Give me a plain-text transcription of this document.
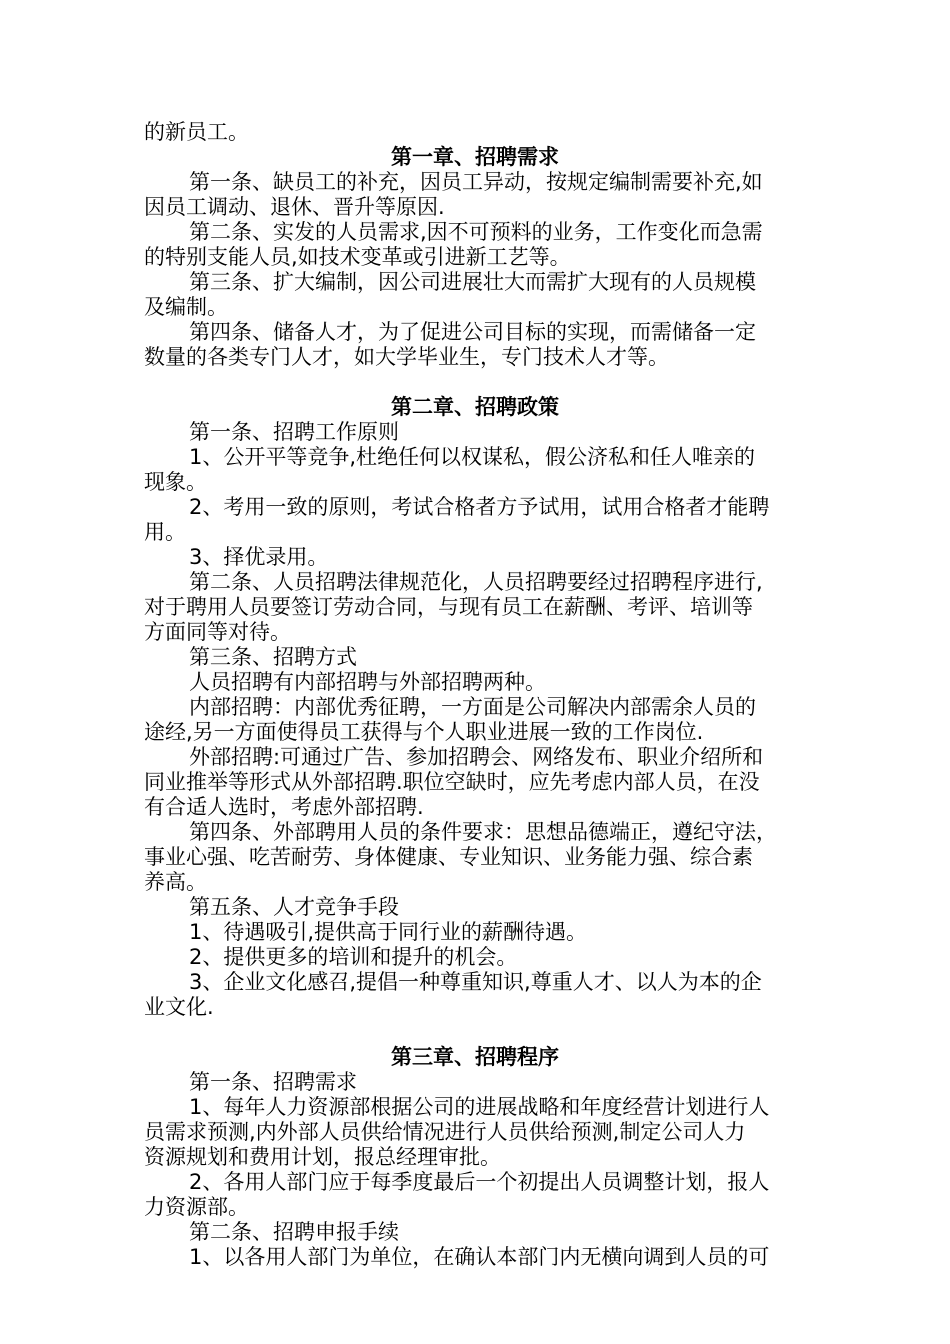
的新员工。
第一章、招聘需求
第一条、缺员工的补充，因员工异动，按规定编制需要补充,如
因员工调动、退休、晋升等原因.
第二条、实发的人员需求,因不可预料的业务，工作变化而急需
的特别支能人员,如技术变革或引进新工艺等。
第三条、扩大编制，因公司进展壮大而需扩大现有的人员规模
及编制。
第四条、储备人才，为了促进公司目标的实现，而需储备一定
数量的各类专门人才，如大学毕业生，专门技术人才等。
第二章、招聘政策
第一条、招聘工作原则
1、公开平等竞争,杜绝任何以权谋私，假公济私和任人唯亲的
现象。
2、考用一致的原则，考试合格者方予试用，试用合格者才能聘
用。
3、择优录用。
第二条、人员招聘法律规范化，人员招聘要经过招聘程序进行,
对于聘用人员要签订劳动合同，与现有员工在薪酬、考评、培训等
方面同等对待。
第三条、招聘方式
人员招聘有内部招聘与外部招聘两种。
内部招聘：内部优秀征聘，一方面是公司解决内部需余人员的
途经,另一方面使得员工获得与个人职业进展一致的工作岗位.
外部招聘:可通过广告、参加招聘会、网络发布、职业介绍所和
同业推举等形式从外部招聘.职位空缺时，应先考虑内部人员，在没
有合适人选时，考虑外部招聘.
第四条、外部聘用人员的条件要求：思想品德端正，遵纪守法，
事业心强、吃苦耐劳、身体健康、专业知识、业务能力强、综合素
养高。
第五条、人才竞争手段
1、待遇吸引,提供高于同行业的薪酬待遇。
2、提供更多的培训和提升的机会。
3、企业文化感召,提倡一种尊重知识,尊重人才、以人为本的企
业文化.
第三章、招聘程序
第一条、招聘需求
1、每年人力资源部根据公司的进展战略和年度经营计划进行人
员需求预测,内外部人员供给情况进行人员供给预测,制定公司人力
资源规划和费用计划，报总经理审批。
2、各用人部门应于每季度最后一个初提出人员调整计划，报人
力资源部。
第二条、招聘申报手续
1、以各用人部门为单位，在确认本部门内无横向调到人员的可
